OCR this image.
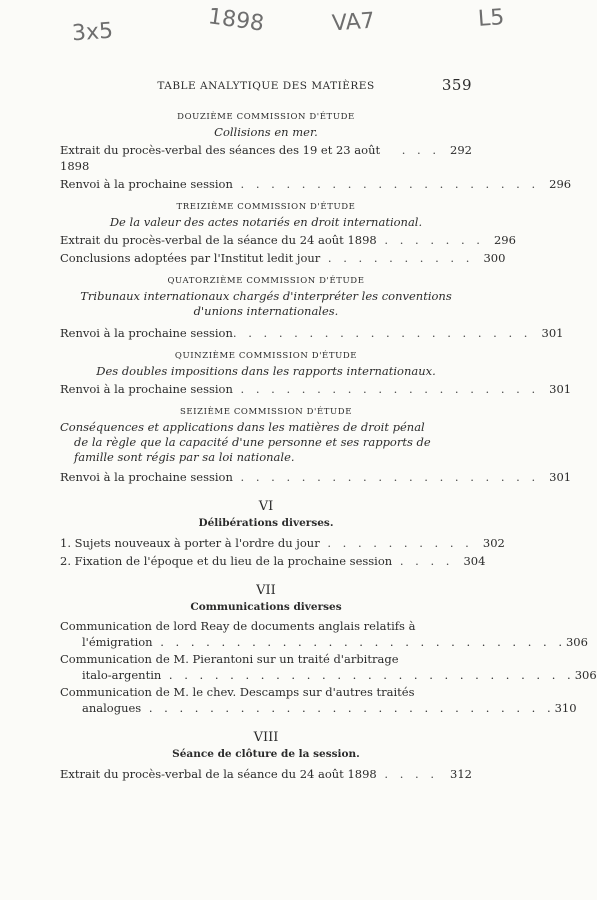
3x5	1898	VA7	L5
TABLE ANALYTIQUE DES MATIÈRES	359
DOUZIÈME COMMISSION D'ÉTUDE
Collisions en mer.
Extrait du procès-verbal des séances des 19 et 23 août 1898
. . . 292
Renvoi à la prochaine session . . . . . . . . . . . . . . . . . . . . 296
TREIZIÈME COMMISSION D'ÉTUDE
De la valeur des actes notariés en droit international.
Extrait du procès-verbal de la séance du 24 août 1898 . . . . . . . 296
Conclusions adoptées par l'Institut ledit jour . . . . . . . . . . 300
QUATORZIÈME COMMISSION D'ÉTUDE
Tribunaux internationaux chargés d'interpréter les conventions
d'unions internationales.
Renvoi à la prochaine session . . . . . . . . . . . . . . . . . . . . 301
QUINZIÈME COMMISSION D'ÉTUDE
Des doubles impositions dans les rapports internationaux.
Renvoi à la prochaine session . . . . . . . . . . . . . . . . . . . . 301
SEIZIÈME COMMISSION D'ÉTUDE
Conséquences et applications dans les matières de droit pénal
de la règle que la capacité d'une personne et ses rapports de
famille sont régis par sa loi nationale.
Renvoi à la prochaine session . . . . . . . . . . . . . . . . . . . . 301
VI
Délibérations diverses.
1. Sujets nouveaux à porter à l'ordre du jour . . . . . . . . . . 302
2. Fixation de l'époque et du lieu de la prochaine session . . . . 304
VII
Communications diverses
Communication de lord Reay de documents anglais relatifs à
l'émigration . . . . . . . . . . . . . . . . . . . . . . . . . . . 306
Communication de M. Pierantoni sur un traité d'arbitrage
italo-argentin . . . . . . . . . . . . . . . . . . . . . . . . . . . 306
Communication de M. le chev. Descamps sur d'autres traités
analogues . . . . . . . . . . . . . . . . . . . . . . . . . . . 310
VIII
Séance de clôture de la session.
Extrait du procès-verbal de la séance du 24 août 1898 . . . .	312
